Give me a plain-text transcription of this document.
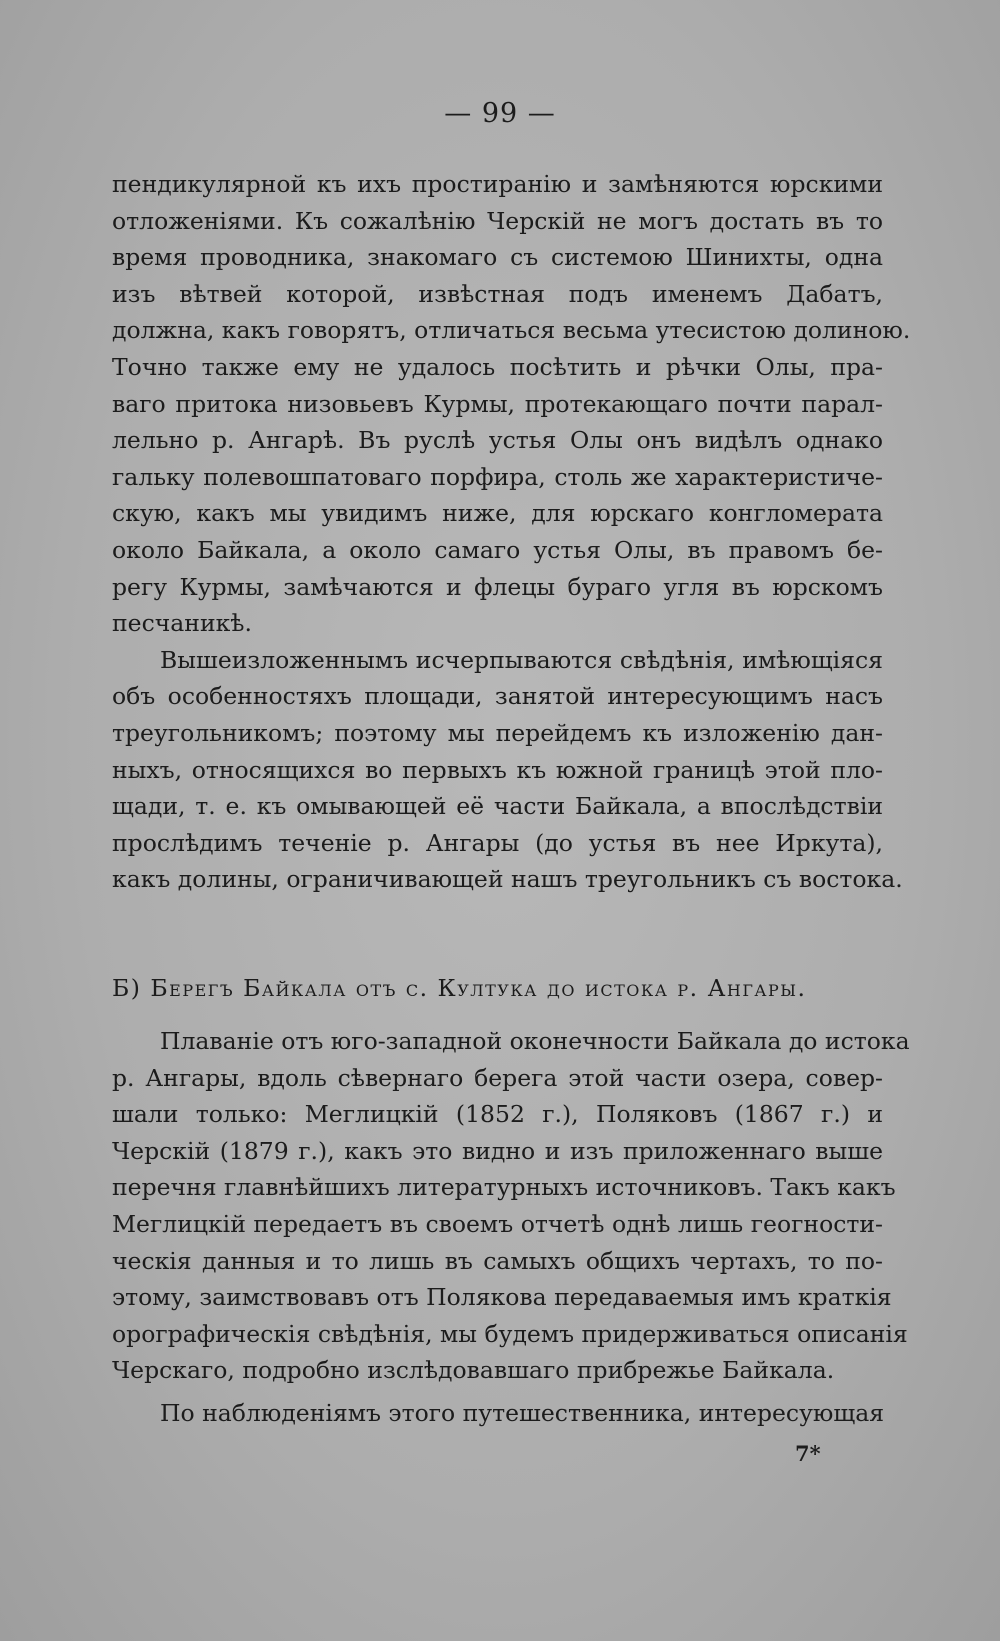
— 99 —
пендикулярной къ ихъ простиранію и замѣняются юрскими
отложеніями. Къ сожалѣнію Черскій не могъ достать въ то
время проводника, знакомаго съ системою Шинихты, одна
изъ вѣтвей которой, извѣстная подъ именемъ Дабатъ,
должна, какъ говорятъ, отличаться весьма утесистою долиною.
Точно также ему не удалось посѣтить и рѣчки Олы, пра-
ваго притока низовьевъ Курмы, протекающаго почти парал-
лельно р. Ангарѣ. Въ руслѣ устья Олы онъ видѣлъ однако
гальку полевошпатоваго порфира, столь же характеристиче-
скую, какъ мы увидимъ ниже, для юрскаго конгломерата
около Байкала, а около самаго устья Олы, въ правомъ бе-
регу Курмы, замѣчаются и флецы бураго угля въ юрскомъ
песчаникѣ.
Вышеизложеннымъ исчерпываются свѣдѣнія, имѣющіяся
объ особенностяхъ площади, занятой интересующимъ насъ
треугольникомъ; поэтому мы перейдемъ къ изложенію дан-
ныхъ, относящихся во первыхъ къ южной границѣ этой пло-
щади, т. е. къ омывающей её части Байкала, а впослѣдствіи
прослѣдимъ теченіе р. Ангары (до устья въ нее Иркута),
какъ долины, ограничивающей нашъ треугольникъ съ востока.
Б) Берегъ Байкала отъ с. Култука до истока р. Ангары.
Плаваніе отъ юго-западной оконечности Байкала до истока
р. Ангары, вдоль сѣвернаго берега этой части озера, совер-
шали только: Меглицкій (1852 г.), Поляковъ (1867 г.) и
Черскій (1879 г.), какъ это видно и изъ приложеннаго выше
перечня главнѣйшихъ литературныхъ источниковъ. Такъ какъ
Меглицкій передаетъ въ своемъ отчетѣ однѣ лишь геогности-
ческія данныя и то лишь въ самыхъ общихъ чертахъ, то по-
этому, заимствовавъ отъ Полякова передаваемыя имъ краткія
орографическія свѣдѣнія, мы будемъ придерживаться описанія
Черскаго, подробно изслѣдовавшаго прибрежье Байкала.
По наблюденіямъ этого путешественника, интересующая
7*
